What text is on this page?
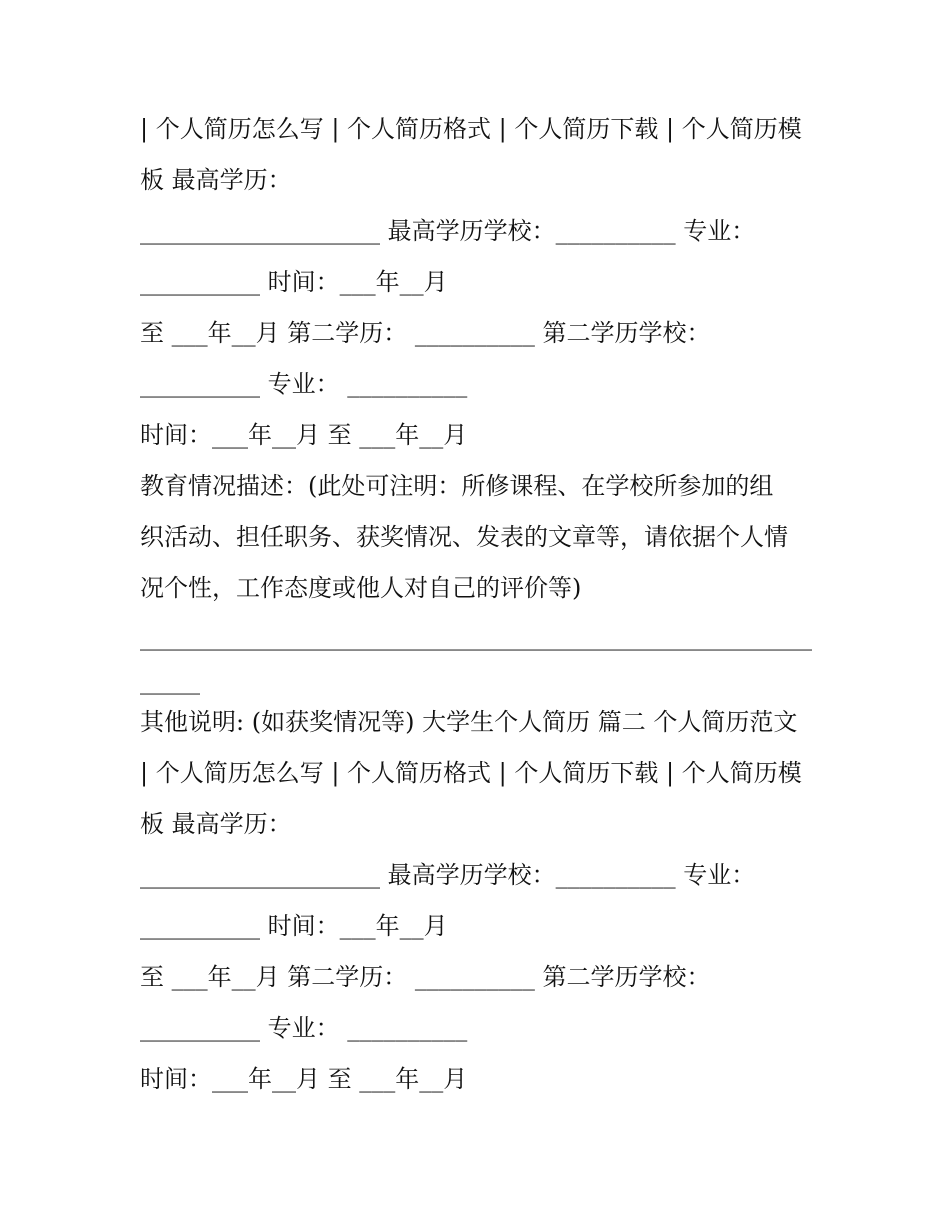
| 个人简历怎么写 | 个人简历格式 | 个人简历下载 | 个人简历模
板 最高学历：
____________________ 最高学历学校：__________ 专业：
__________ 时间：___年__月
至 ___年__月 第二学历： __________ 第二学历学校：
__________ 专业： __________
时间：___年__月 至 ___年__月
教育情况描述：(此处可注明：所修课程、在学校所参加的组
织活动、担任职务、获奖情况、发表的文章等，请依据个人情
况个性，工作态度或他人对自己的评价等)
________________________________________________________
_____
其他说明: (如获奖情况等) 大学生个人简历 篇二 个人简历范文
| 个人简历怎么写 | 个人简历格式 | 个人简历下载 | 个人简历模
板 最高学历：
____________________ 最高学历学校：__________ 专业：
__________ 时间：___年__月
至 ___年__月 第二学历： __________ 第二学历学校：
__________ 专业： __________
时间：___年__月 至 ___年__月
